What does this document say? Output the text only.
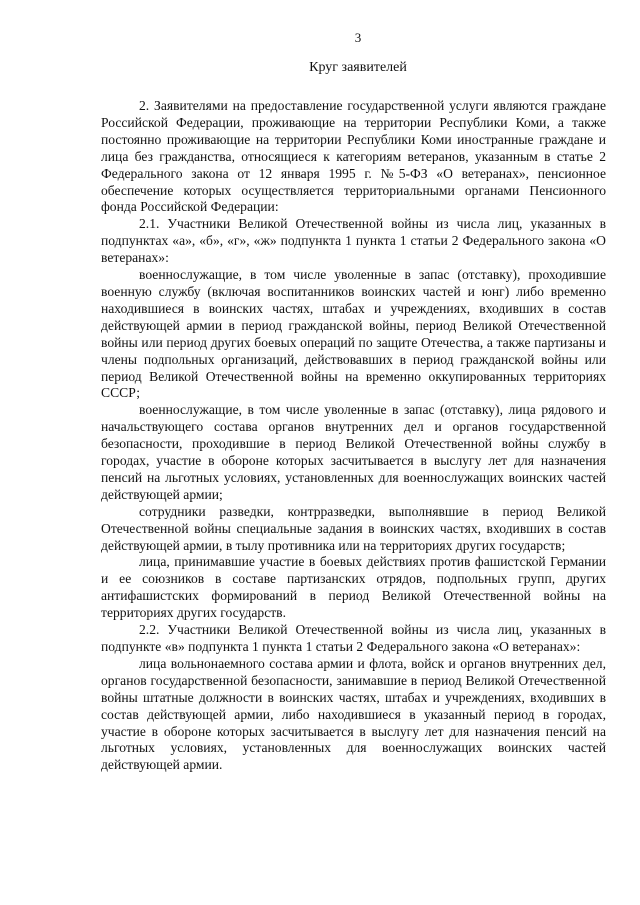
3
Круг заявителей

2. Заявителями на предоставление государственной услуги являются граждане Российской Федерации, проживающие на территории Республики Коми, а также постоянно проживающие на территории Республики Коми иностранные граждане и лица без гражданства, относящиеся к категориям ветеранов, указанным в статье 2 Федерального закона от 12 января 1995 г. №5-ФЗ «О ветеранах», пенсионное обеспечение которых осуществляется территориальными органами Пенсионного фонда Российской Федерации:

2.1. Участники Великой Отечественной войны из числа лиц, указанных в подпунктах «а», «б», «г», «ж» подпункта 1 пункта 1 статьи 2 Федерального закона «О ветеранах»:

военнослужащие, в том числе уволенные в запас (отставку), проходившие военную службу (включая воспитанников воинских частей и юнг) либо временно находившиеся в воинских частях, штабах и учреждениях, входивших в состав действующей армии в период гражданской войны, период Великой Отечественной войны или период других боевых операций по защите Отечества, а также партизаны и члены подпольных организаций, действовавших в период гражданской войны или период Великой Отечественной войны на временно оккупированных территориях СССР;

военнослужащие, в том числе уволенные в запас (отставку), лица рядового и начальствующего состава органов внутренних дел и органов государственной безопасности, проходившие в период Великой Отечественной войны службу в городах, участие в обороне которых засчитывается в выслугу лет для назначения пенсий на льготных условиях, установленных для военнослужащих воинских частей действующей армии;

сотрудники разведки, контрразведки, выполнявшие в период Великой Отечественной войны специальные задания в воинских частях, входивших в состав действующей армии, в тылу противника или на территориях других государств;

лица, принимавшие участие в боевых действиях против фашистской Германии и ее союзников в составе партизанских отрядов, подпольных групп, других антифашистских формирований в период Великой Отечественной войны на территориях других государств.

2.2. Участники Великой Отечественной войны из числа лиц, указанных в подпункте «в» подпункта 1 пункта 1 статьи 2 Федерального закона «О ветеранах»:

лица вольнонаемного состава армии и флота, войск и органов внутренних дел, органов государственной безопасности, занимавшие в период Великой Отечественной войны штатные должности в воинских частях, штабах и учреждениях, входивших в состав действующей армии, либо находившиеся в указанный период в городах, участие в обороне которых засчитывается в выслугу лет для назначения пенсий на льготных условиях, установленных для военнослужащих воинских частей действующей армии.
